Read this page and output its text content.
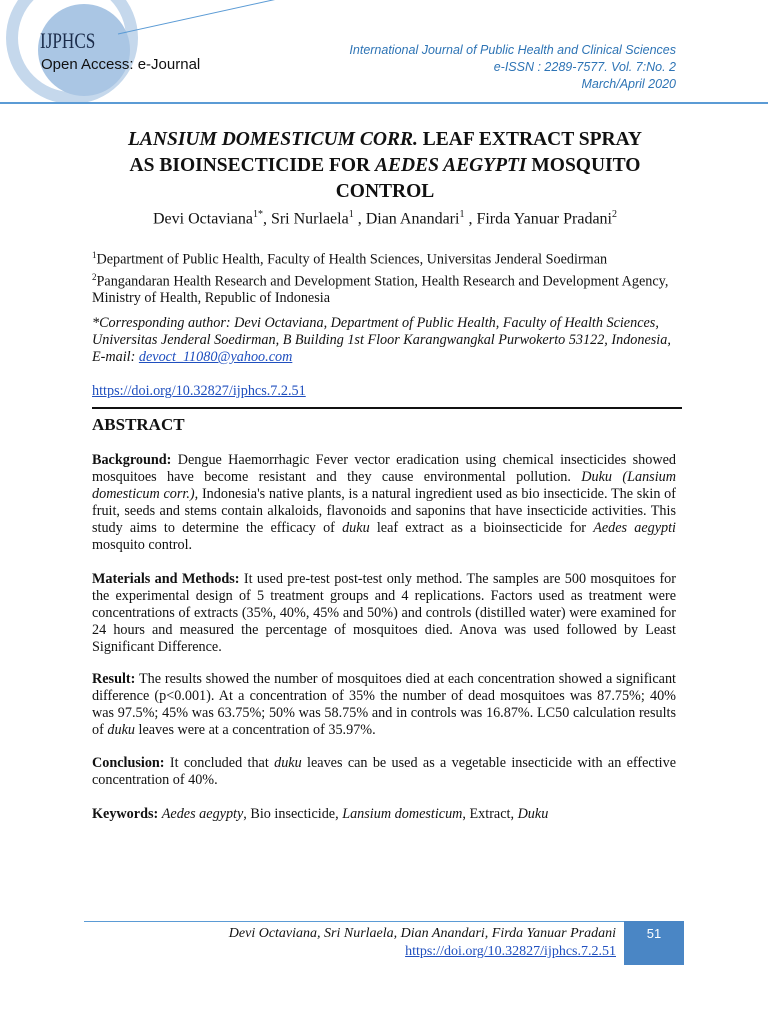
IJPHCS
Open Access: e-Journal
International Journal of Public Health and Clinical Sciences
e-ISSN : 2289-7577. Vol. 7:No. 2
March/April 2020
LANSIUM DOMESTICUM CORR. LEAF EXTRACT SPRAY
AS BIOINSECTICIDE FOR AEDES AEGYPTI MOSQUITO
CONTROL
Devi Octaviana$^{1*}$, Sri Nurlaela$^1$ , Dian Anandari$^1$ , Firda Yanuar Pradani$^2$
$^1$Department of Public Health, Faculty of Health Sciences, Universitas Jenderal Soedirman
$^2$Pangandaran Health Research and Development Station, Health Research and Development Agency, Ministry of Health, Republic of Indonesia
*Corresponding author: Devi Octaviana, Department of Public Health, Faculty of Health Sciences, Universitas Jenderal Soedirman, B Building 1st Floor Karangwangkal Purwokerto 53122, Indonesia, E-mail: devoct_11080@yahoo.com
https://doi.org/10.32827/ijphcs.7.2.51
ABSTRACT

Background: Dengue Haemorrhagic Fever vector eradication using chemical insecticides showed mosquitoes have become resistant and they cause environmental pollution. Duku (Lansium domesticum corr.), Indonesia's native plants, is a natural ingredient used as bio insecticide. The skin of fruit, seeds and stems contain alkaloids, flavonoids and saponins that have insecticide activities. This study aims to determine the efficacy of duku leaf extract as a bioinsecticide for Aedes aegypti mosquito control.

Materials and Methods: It used pre-test post-test only method. The samples are 500 mosquitoes for the experimental design of 5 treatment groups and 4 replications. Factors used as treatment were concentrations of extracts (35%, 40%, 45% and 50%) and controls (distilled water) were examined for 24 hours and measured the percentage of mosquitoes died. Anova was used followed by Least Significant Difference.

Result: The results showed the number of mosquitoes died at each concentration showed a significant difference (p<0.001). At a concentration of 35% the number of dead mosquitoes was 87.75%; 40% was 97.5%; 45% was 63.75%; 50% was 58.75% and in controls was 16.87%. LC50 calculation results of duku leaves were at a concentration of 35.97%.

Conclusion: It concluded that duku leaves can be used as a vegetable insecticide with an effective concentration of 40%.

Keywords: Aedes aegypty, Bio insecticide, Lansium domesticum, Extract, Duku

Devi Octaviana, Sri Nurlaela, Dian Anandari, Firda Yanuar Pradani
https://doi.org/10.32827/ijphcs.7.2.51
51
